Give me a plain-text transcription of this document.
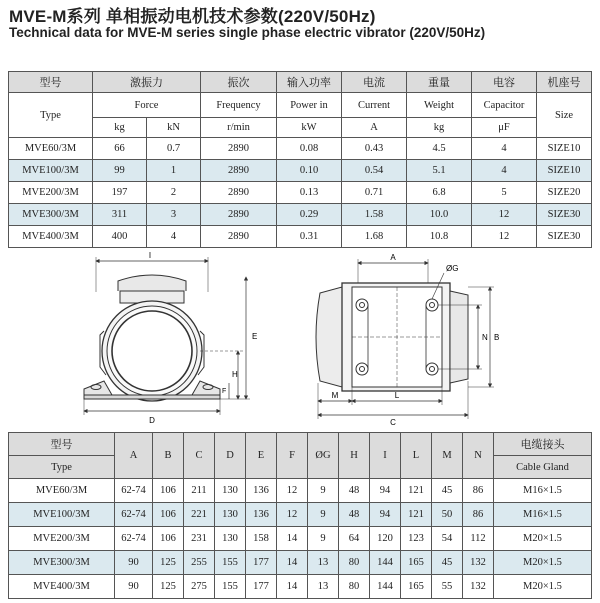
MVE-M系列 单相振动电机技术参数(220V/50Hz)
Technical data for MVE-M series single phase electric vibrator (220V/50Hz)
型号	激振力		振次	输入功率	电流	重量	电容	机座号
Type	Force		Frequency	Power in	Current	Weight	Capacitor	Size
	kg	kN	r/min	kW	A	kg	μF	
MVE60/3M	66	0.7	2890	0.08	0.43	4.5	4	SIZE10
MVE100/3M	99	1	2890	0.10	0.54	5.1	4	SIZE10
MVE200/3M	197	2	2890	0.13	0.71	6.8	5	SIZE20
MVE300/3M	311	3	2890	0.29	1.58	10.0	12	SIZE30
MVE400/3M	400	4	2890	0.31	1.68	10.8	12	SIZE30
I
E
H
F
D
A
ØG
N B
M	L
C
型号	A	B	C	D	E	F	ØG	H	I	L	M	N	电缆接头
Type													Cable Gland
MVE60/3M	62-74	106	211	130	136	12	9	48	94	121	45	86	M16×1.5
MVE100/3M	62-74	106	221	130	136	12	9	48	94	121	50	86	M16×1.5
MVE200/3M	62-74	106	231	130	158	14	9	64	120	123	54	112	M20×1.5
MVE300/3M	90	125	255	155	177	14	13	80	144	165	45	132	M20×1.5
MVE400/3M	90	125	275	155	177	14	13	80	144	165	55	132	M20×1.5
